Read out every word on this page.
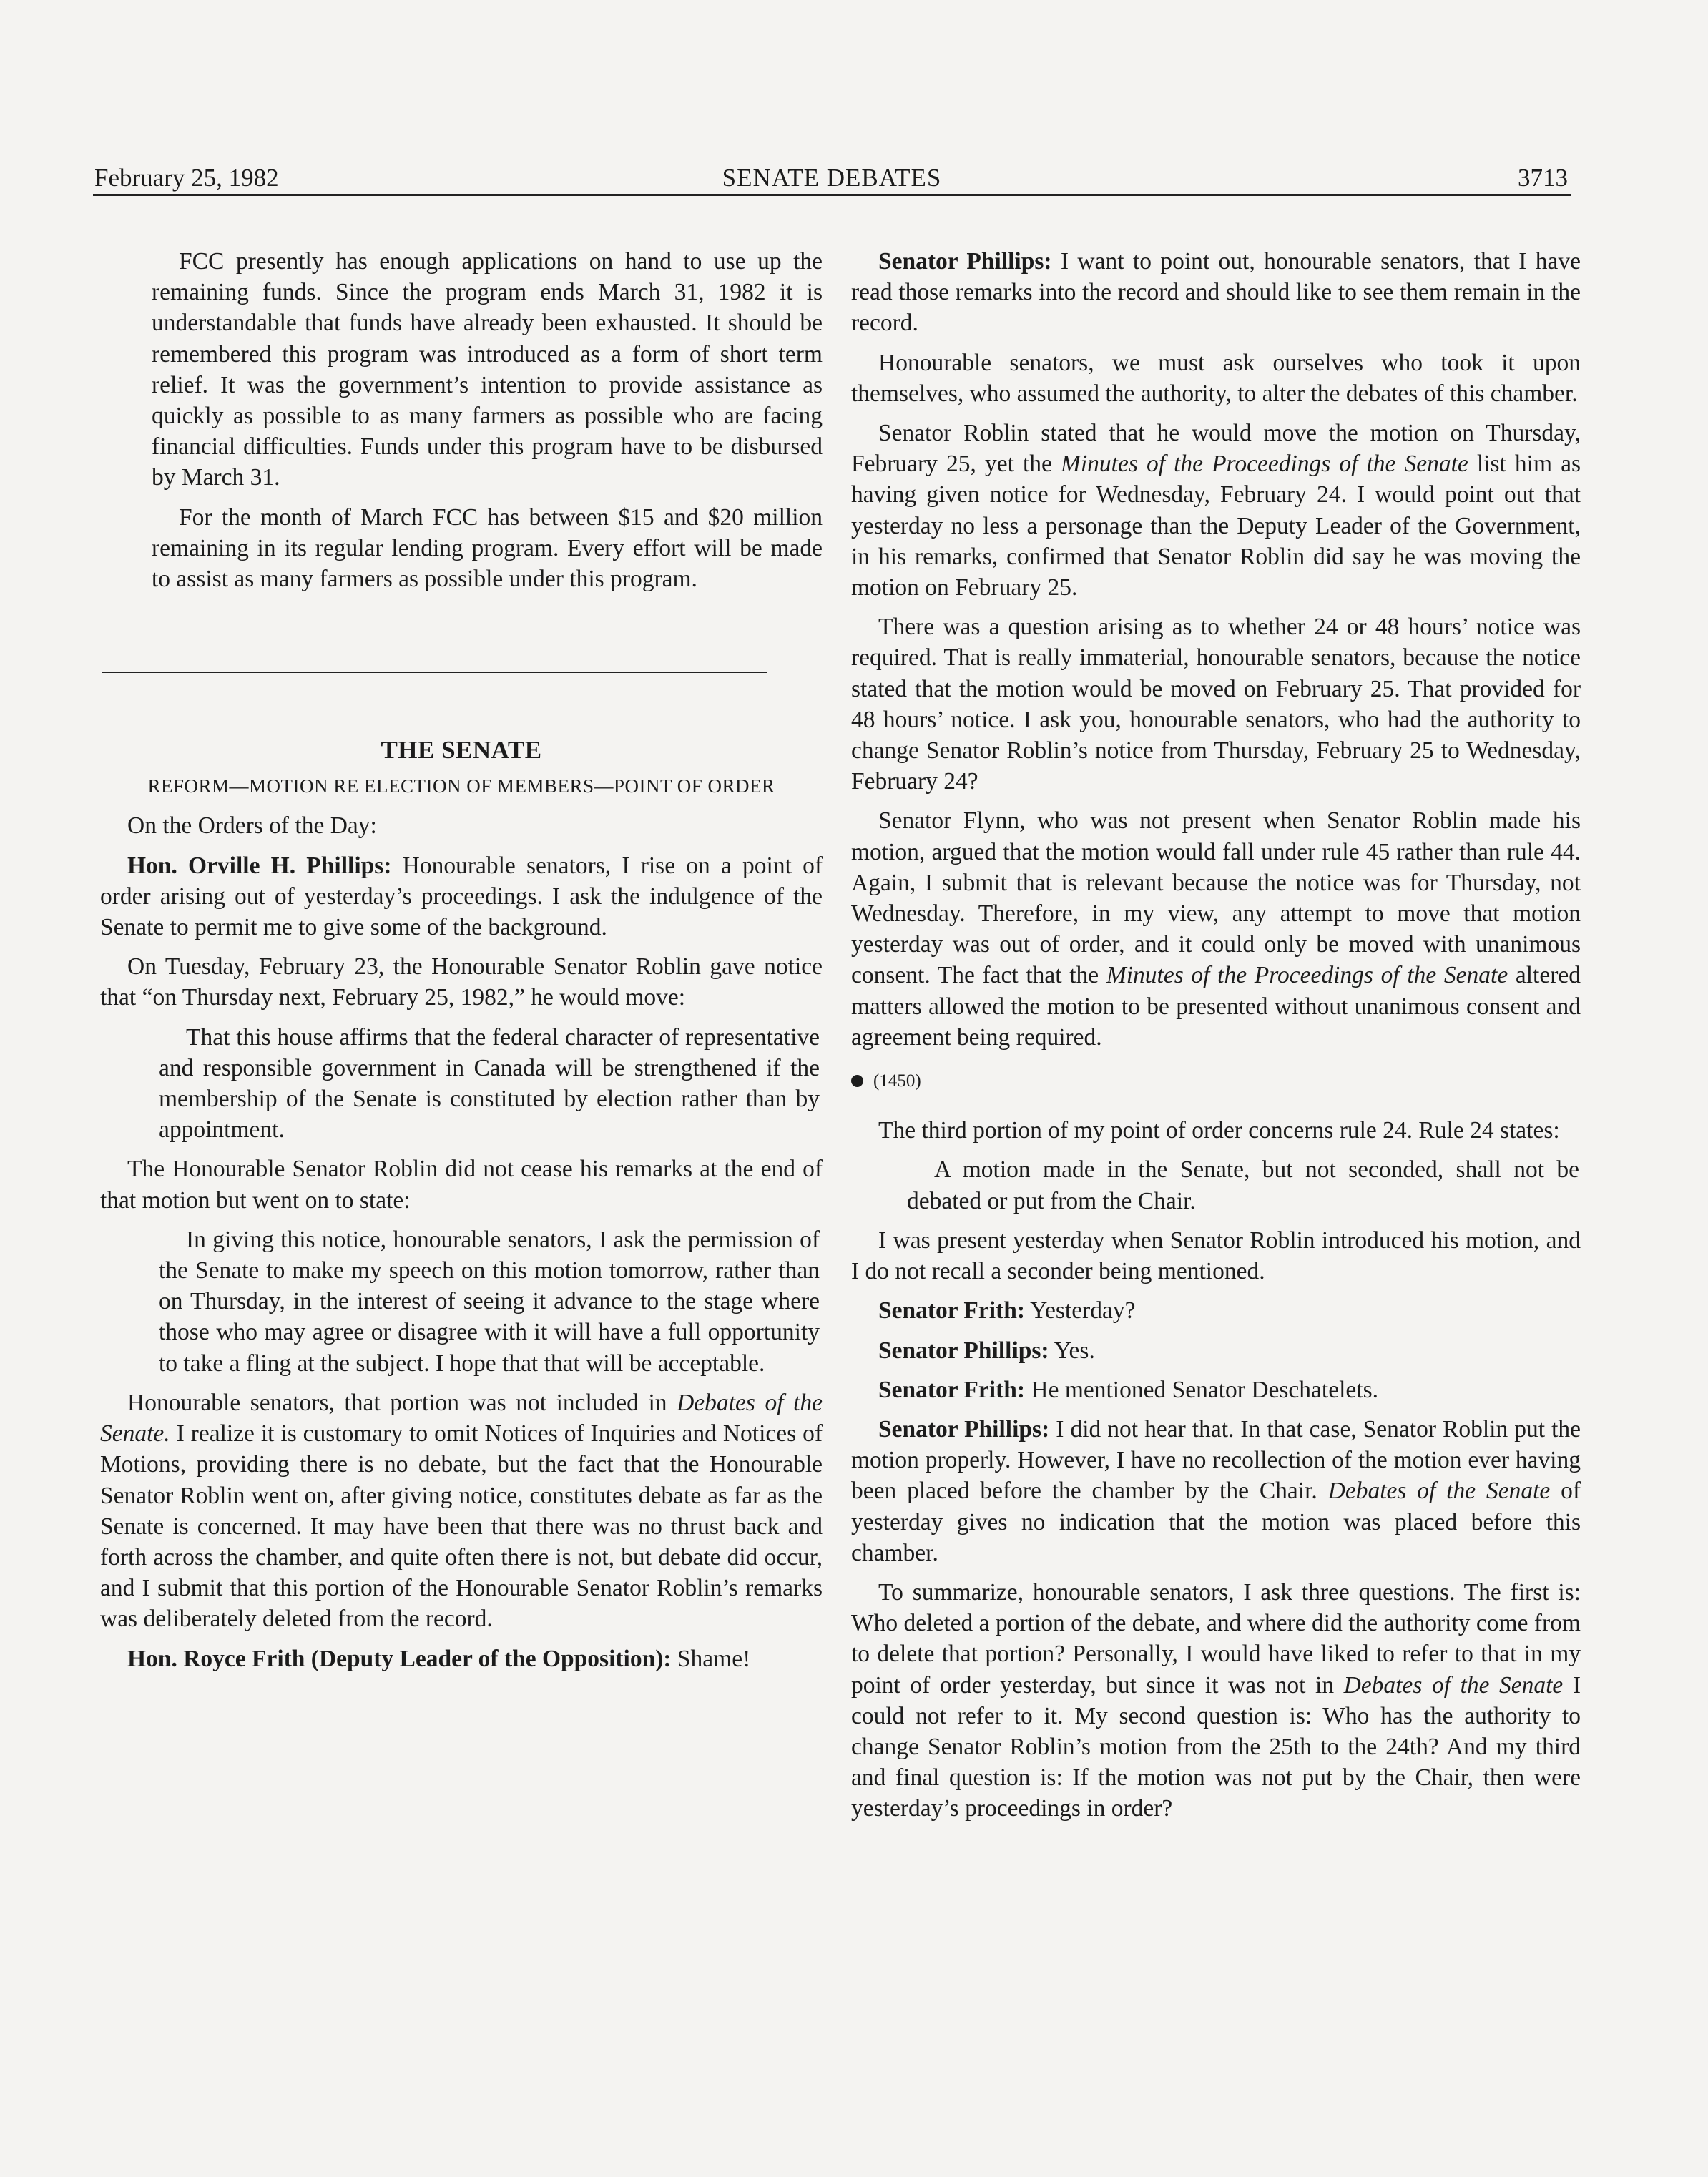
February 25, 1982	SENATE DEBATES	3713

FCC presently has enough applications on hand to use up the remaining funds. Since the program ends March 31, 1982 it is understandable that funds have already been exhausted. It should be remembered this program was introduced as a form of short term relief. It was the government’s intention to provide assistance as quickly as possible to as many farmers as possible who are facing financial difficulties. Funds under this program have to be disbursed by March 31.

For the month of March FCC has between $15 and $20 million remaining in its regular lending program. Every effort will be made to assist as many farmers as possible under this program.

THE SENATE
REFORM—MOTION RE ELECTION OF MEMBERS—POINT OF ORDER

On the Orders of the Day:

Hon. Orville H. Phillips: Honourable senators, I rise on a point of order arising out of yesterday’s proceedings. I ask the indulgence of the Senate to permit me to give some of the background.

On Tuesday, February 23, the Honourable Senator Roblin gave notice that “on Thursday next, February 25, 1982,” he would move:

That this house affirms that the federal character of representative and responsible government in Canada will be strengthened if the membership of the Senate is constituted by election rather than by appointment.

The Honourable Senator Roblin did not cease his remarks at the end of that motion but went on to state:

In giving this notice, honourable senators, I ask the permission of the Senate to make my speech on this motion tomorrow, rather than on Thursday, in the interest of seeing it advance to the stage where those who may agree or disagree with it will have a full opportunity to take a fling at the subject. I hope that that will be acceptable.

Honourable senators, that portion was not included in Debates of the Senate. I realize it is customary to omit Notices of Inquiries and Notices of Motions, providing there is no debate, but the fact that the Honourable Senator Roblin went on, after giving notice, constitutes debate as far as the Senate is concerned. It may have been that there was no thrust back and forth across the chamber, and quite often there is not, but debate did occur, and I submit that this portion of the Honourable Senator Roblin’s remarks was deliberately deleted from the record.

Hon. Royce Frith (Deputy Leader of the Opposition): Shame!

Senator Phillips: I want to point out, honourable senators, that I have read those remarks into the record and should like to see them remain in the record.

Honourable senators, we must ask ourselves who took it upon themselves, who assumed the authority, to alter the debates of this chamber.

Senator Roblin stated that he would move the motion on Thursday, February 25, yet the Minutes of the Proceedings of the Senate list him as having given notice for Wednesday, February 24. I would point out that yesterday no less a personage than the Deputy Leader of the Government, in his remarks, confirmed that Senator Roblin did say he was moving the motion on February 25.

There was a question arising as to whether 24 or 48 hours’ notice was required. That is really immaterial, honourable senators, because the notice stated that the motion would be moved on February 25. That provided for 48 hours’ notice. I ask you, honourable senators, who had the authority to change Senator Roblin’s notice from Thursday, February 25 to Wednesday, February 24?

Senator Flynn, who was not present when Senator Roblin made his motion, argued that the motion would fall under rule 45 rather than rule 44. Again, I submit that is relevant because the notice was for Thursday, not Wednesday. Therefore, in my view, any attempt to move that motion yesterday was out of order, and it could only be moved with unanimous consent. The fact that the Minutes of the Proceedings of the Senate altered matters allowed the motion to be presented without unanimous consent and agreement being required.

(1450)

The third portion of my point of order concerns rule 24. Rule 24 states:

A motion made in the Senate, but not seconded, shall not be debated or put from the Chair.

I was present yesterday when Senator Roblin introduced his motion, and I do not recall a seconder being mentioned.

Senator Frith: Yesterday?

Senator Phillips: Yes.

Senator Frith: He mentioned Senator Deschatelets.

Senator Phillips: I did not hear that. In that case, Senator Roblin put the motion properly. However, I have no recollection of the motion ever having been placed before the chamber by the Chair. Debates of the Senate of yesterday gives no indication that the motion was placed before this chamber.

To summarize, honourable senators, I ask three questions. The first is: Who deleted a portion of the debate, and where did the authority come from to delete that portion? Personally, I would have liked to refer to that in my point of order yesterday, but since it was not in Debates of the Senate I could not refer to it. My second question is: Who has the authority to change Senator Roblin’s motion from the 25th to the 24th? And my third and final question is: If the motion was not put by the Chair, then were yesterday’s proceedings in order?
